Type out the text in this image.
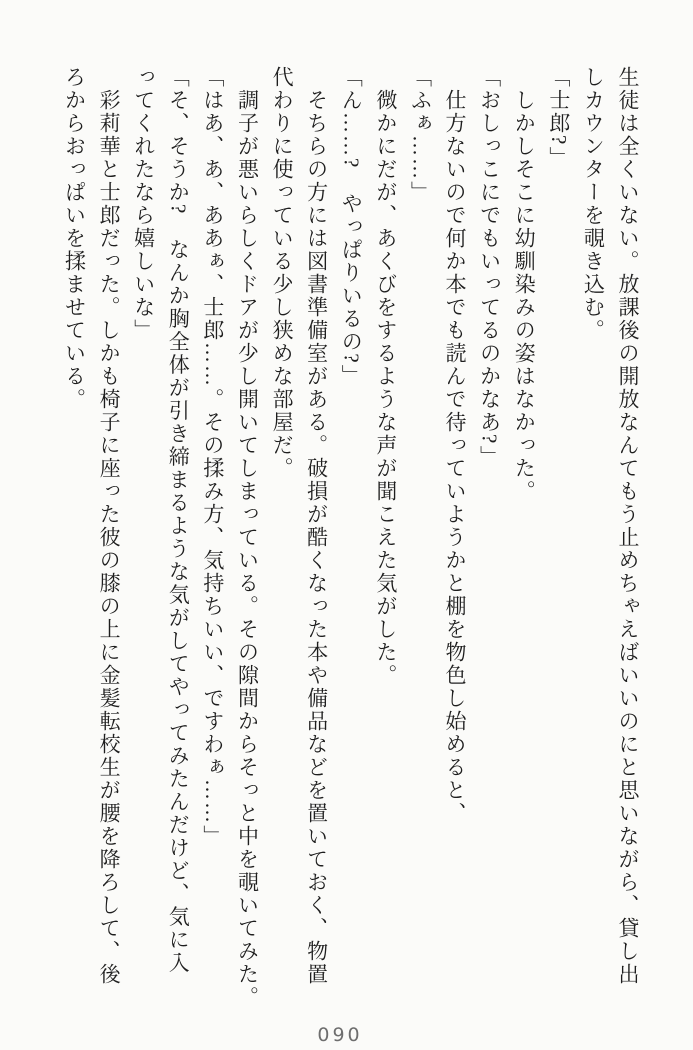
生徒は全くいない。放課後の開放なんてもう止めちゃえばいいのにと思いながら、貸し出

しカウンターを覗き込む。

「士郎?」

　しかしそこに幼馴染みの姿はなかった。

「おしっこにでもいってるのかなあ?」

　仕方ないので何か本でも読んで待っていようかと棚を物色し始めると、

「ふぁ……」

　微かにだが、あくびをするような声が聞こえた気がした。

「ん……?　やっぱりいるの?」

　そちらの方には図書準備室がある。破損が酷くなった本や備品などを置いておく、物置

代わりに使っている少し狭めな部屋だ。

　調子が悪いらしくドアが少し開いてしまっている。その隙間からそっと中を覗いてみた。

「はあ、あ、ああぁ、士郎……。その揉み方、気持ちいい、ですわぁ……」

「そ、そうか?　なんか胸全体が引き締まるような気がしてやってみたんだけど、気に入

ってくれたなら嬉しいな」

　彩莉華と士郎だった。しかも椅子に座った彼の膝の上に金髪転校生が腰を降ろして、後

ろからおっぱいを揉ませている。

090
